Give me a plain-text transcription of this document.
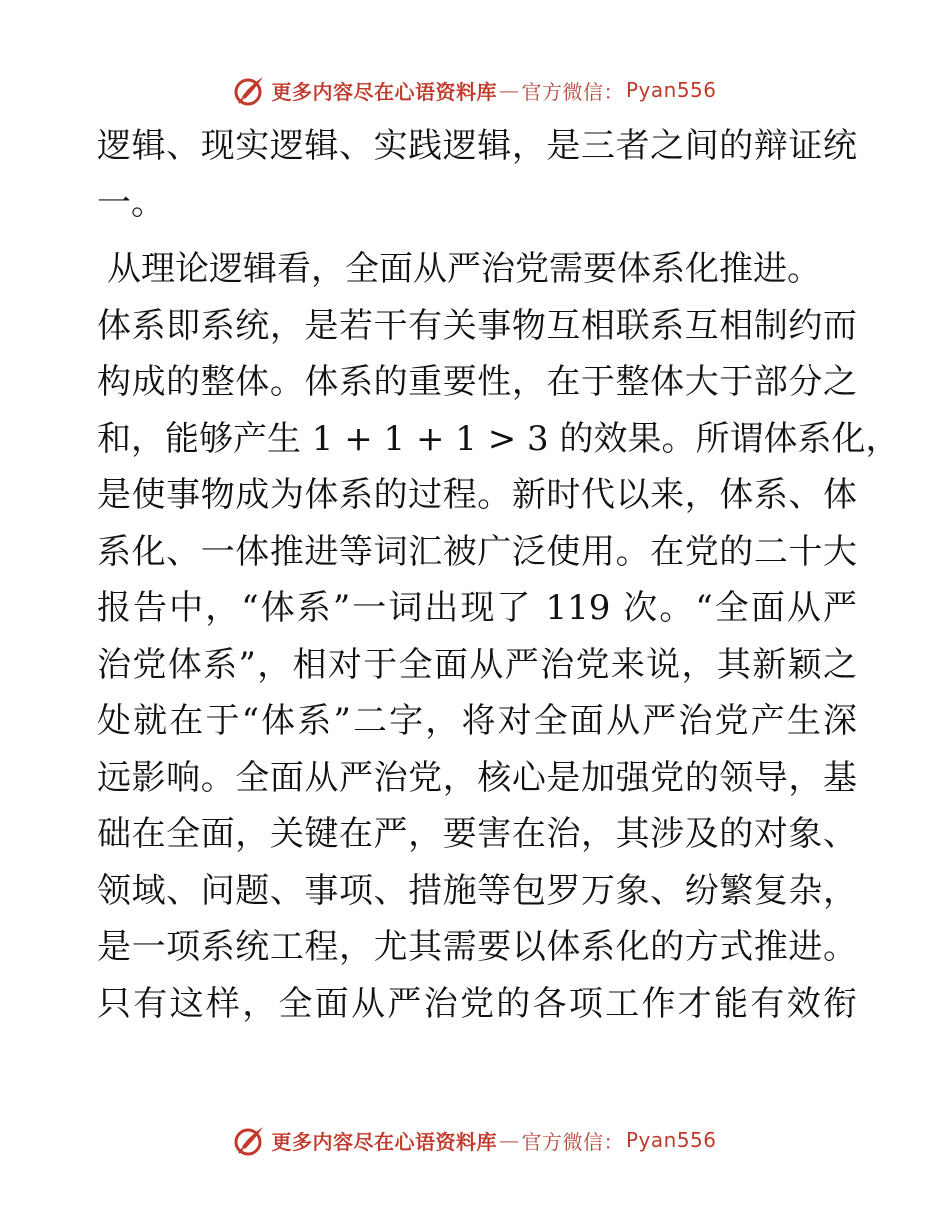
更多内容尽在心语资料库 — 官方微信： Pyan556
逻辑、现实逻辑、实践逻辑，是三者之间的辩证统
一。
从理论逻辑看，全面从严治党需要体系化推进。
体系即系统，是若干有关事物互相联系互相制约而
构成的整体。体系的重要性，在于整体大于部分之
和，能够产生 1 + 1 + 1 > 3 的效果。所谓体系化，
是使事物成为体系的过程。新时代以来，体系、体
系化、一体推进等词汇被广泛使用。在党的二十大
报告中，“体系”一词出现了 119 次。“全面从严
治党体系”，相对于全面从严治党来说，其新颖之
处就在于“体系”二字，将对全面从严治党产生深
远影响。全面从严治党，核心是加强党的领导，基
础在全面，关键在严，要害在治，其涉及的对象、
领域、问题、事项、措施等包罗万象、纷繁复杂，
是一项系统工程，尤其需要以体系化的方式推进。
只有这样，全面从严治党的各项工作才能有效衔
更多内容尽在心语资料库 — 官方微信： Pyan556
